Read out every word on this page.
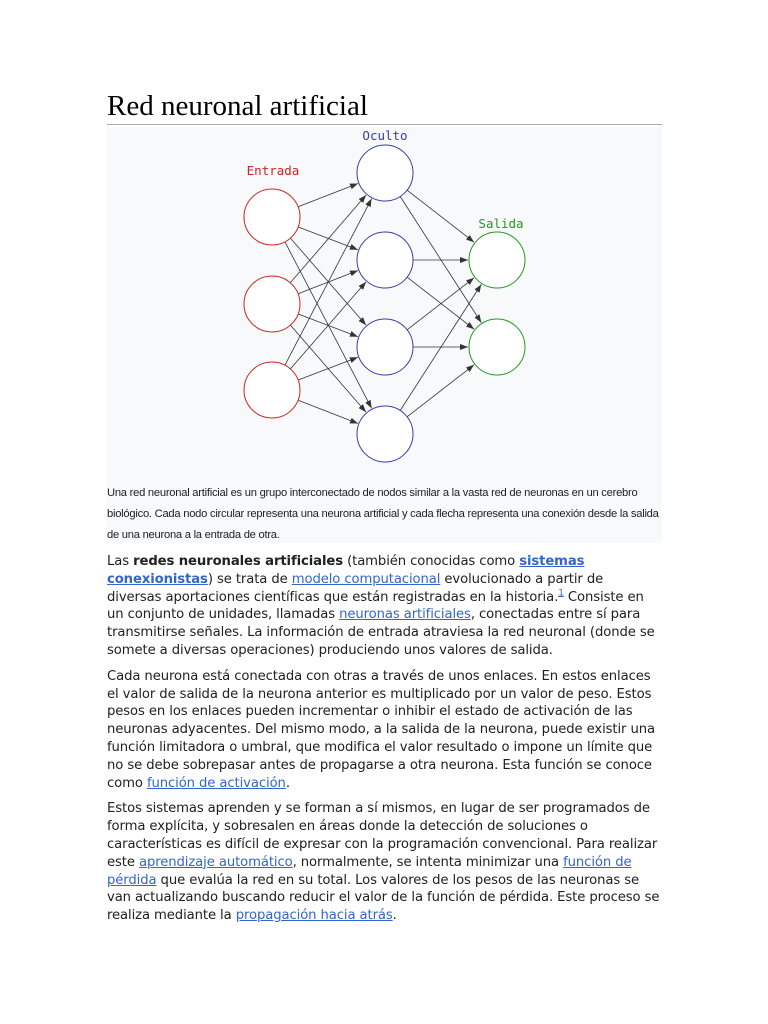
Red neuronal artificial
Entrada
Oculto
Salida
Una red neuronal artificial es un grupo interconectado de nodos similar a la vasta red de neuronas en un cerebro biológico. Cada nodo circular representa una neurona artificial y cada flecha representa una conexión desde la salida de una neurona a la entrada de otra.

Las redes neuronales artificiales (también conocidas como sistemas conexionistas) se trata de modelo computacional evolucionado a partir de diversas aportaciones científicas que están registradas en la historia.$^1$ Consiste en un conjunto de unidades, llamadas neuronas artificiales, conectadas entre sí para transmitirse señales. La información de entrada atraviesa la red neuronal (donde se somete a diversas operaciones) produciendo unos valores de salida.

Cada neurona está conectada con otras a través de unos enlaces. En estos enlaces el valor de salida de la neurona anterior es multiplicado por un valor de peso. Estos pesos en los enlaces pueden incrementar o inhibir el estado de activación de las neuronas adyacentes. Del mismo modo, a la salida de la neurona, puede existir una función limitadora o umbral, que modifica el valor resultado o impone un límite que no se debe sobrepasar antes de propagarse a otra neurona. Esta función se conoce como función de activación.

Estos sistemas aprenden y se forman a sí mismos, en lugar de ser programados de forma explícita, y sobresalen en áreas donde la detección de soluciones o características es difícil de expresar con la programación convencional. Para realizar este aprendizaje automático, normalmente, se intenta minimizar una función de pérdida que evalúa la red en su total. Los valores de los pesos de las neuronas se van actualizando buscando reducir el valor de la función de pérdida. Este proceso se realiza mediante la propagación hacia atrás.
